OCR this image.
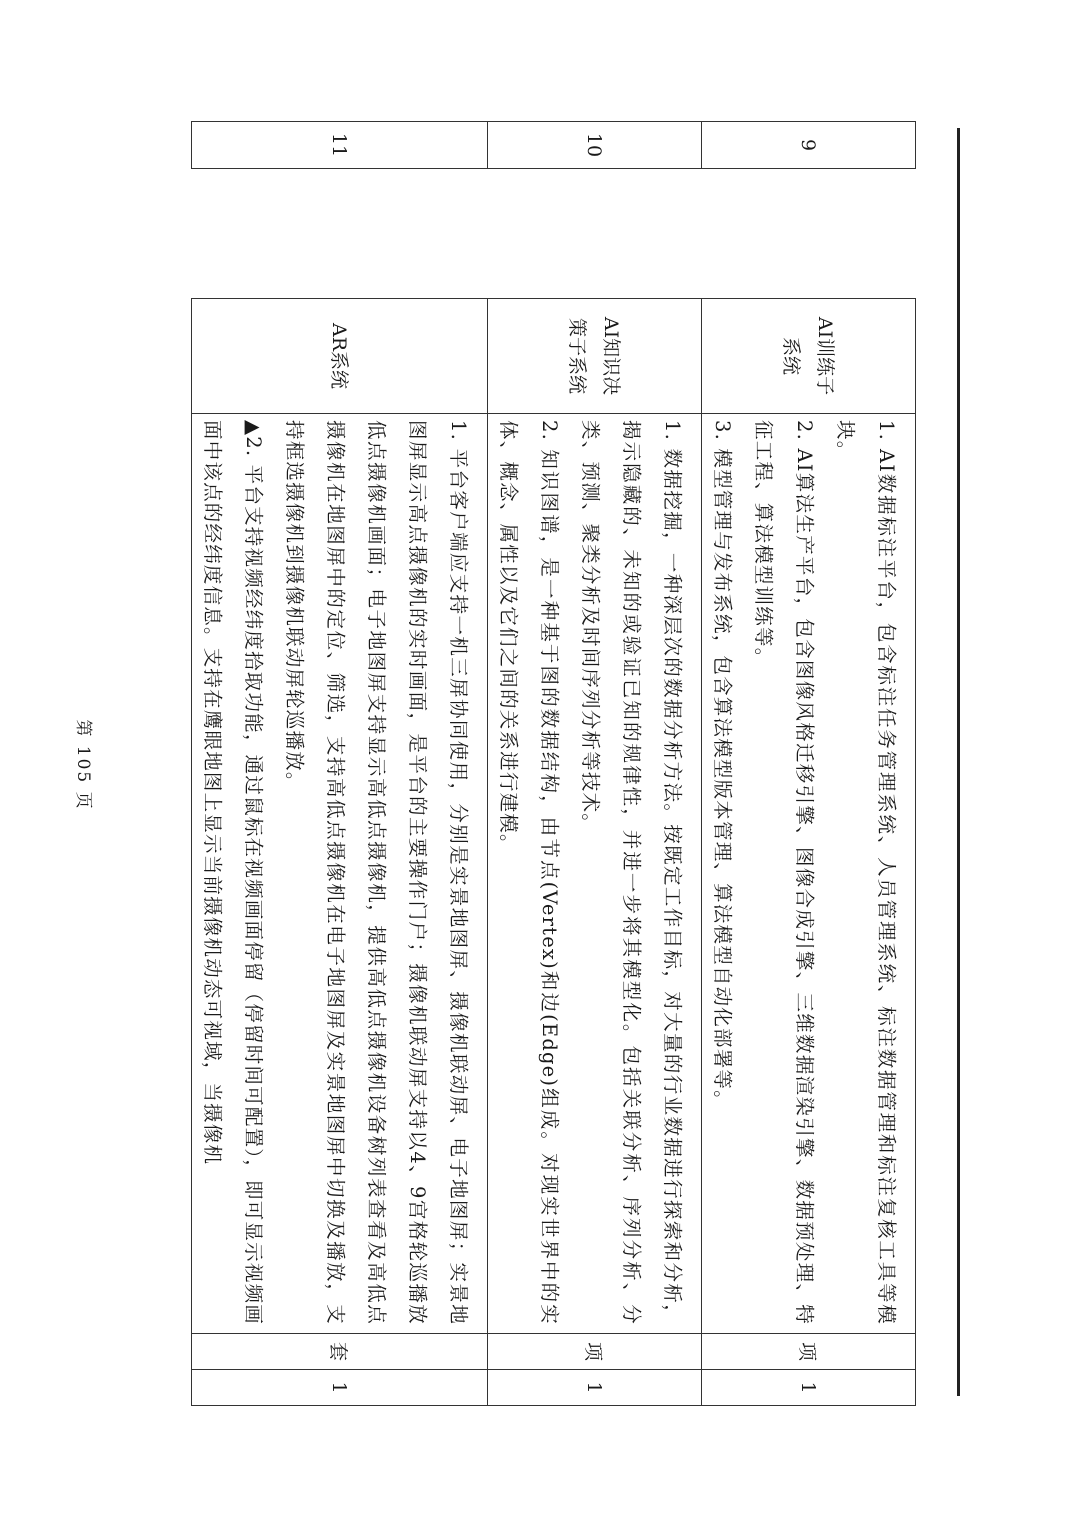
第 105 页
9		AI训练子系统	1. AI数据标注平台，包含标注任务管理系统、人员管理系统、标注数据管理和标注复核工具等模块。

2. AI算法生产平台，包含图像风格迁移引擎、图像合成引擎、三维数据渲染引擎、数据预处理、特征工程、算法模型训练等。

3. 模型管理与发布系统，包含算法模型版本管理、算法模型自动化部署等。	项	1
10		AI知识决策子系统	1. 数据挖掘，一种深层次的数据分析方法。按既定工作目标，对大量的行业数据进行探索和分析，揭示隐藏的、未知的或验证已知的规律性，并进一步将其模型化。包括关联分析、序列分析、分类、预测、聚类分析及时间序列分析等技术。

2. 知识图谱，是一种基于图的数据结构，由节点(Vertex)和边(Edge)组成。对现实世界中的实体、概念、属性以及它们之间的关系进行建模。	项	1
11		AR系统	1. 平台客户端应支持一机三屏协同使用，分别是实景地图屏、摄像机联动屏、电子地图屏；实景地图屏显示高点摄像机的实时画面，是平台的主要操作门户；摄像机联动屏支持以4、9宫格轮巡播放低点摄像机画面；电子地图屏支持显示高低点摄像机，提供高低点摄像机设备树列表查看及高低点摄像机在地图屏中的定位、筛选，支持高低点摄像机在电子地图屏及实景地图屏中切换及播放，支持框选摄像机到摄像机联动屏轮巡播放。

▲2. 平台支持视频经纬度拾取功能，通过鼠标在视频画面停留（停留时间可配置），即可显示视频画面中该点的经纬度信息。支持在鹰眼地图上显示当前摄像机动态可视域，当摄像机	套	1
